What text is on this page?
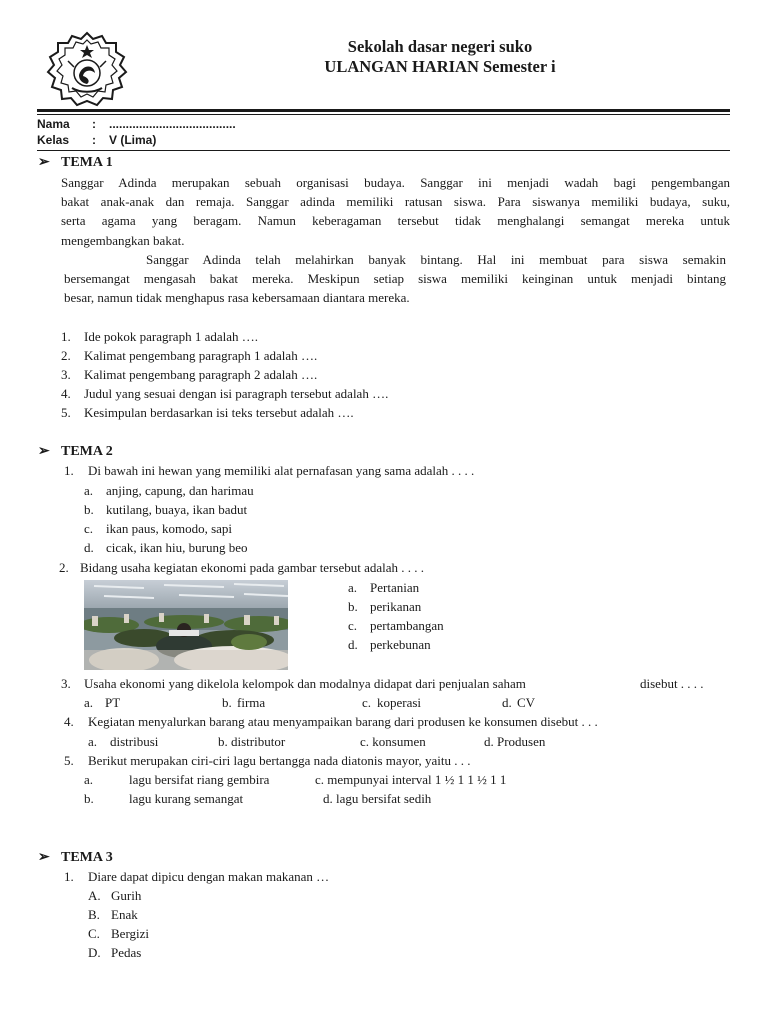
Sekolah dasar negeri suko
ULANGAN HARIAN Semester i
Nama : ......................................
Kelas : V (Lima)
➢ TEMA 1
Sanggar Adinda merupakan sebuah organisasi budaya. Sanggar ini menjadi wadah bagi pengembangan
bakat anak-anak dan remaja. Sanggar adinda memiliki ratusan siswa. Para siswanya memiliki budaya, suku,
serta agama yang beragam. Namun keberagaman tersebut tidak menghalangi semangat mereka untuk
mengembangkan bakat.
Sanggar Adinda telah melahirkan banyak bintang. Hal ini membuat para siswa semakin
bersemangat mengasah bakat mereka. Meskipun setiap siswa memiliki keinginan untuk menjadi bintang
besar, namun tidak menghapus rasa kebersamaan diantara mereka.
1. Ide pokok paragraph 1 adalah ….
2. Kalimat pengembang paragraph 1 adalah ….
3. Kalimat pengembang paragraph 2 adalah ….
4. Judul yang sesuai dengan isi paragraph tersebut adalah ….
5. Kesimpulan berdasarkan isi teks tersebut adalah ….
➢ TEMA 2
1. Di bawah ini hewan yang memiliki alat pernafasan yang sama adalah . . . .
a. anjing, capung, dan harimau
b. kutilang, buaya, ikan badut
c. ikan paus, komodo, sapi
d. cicak, ikan hiu, burung beo
2. Bidang usaha kegiatan ekonomi pada gambar tersebut adalah . . . .
a. Pertanian
b. perikanan
c. pertambangan
d. perkebunan
3. Usaha ekonomi yang dikelola kelompok dan modalnya didapat dari penjualan saham	disebut . . . .
a. PT	b. firma	c. koperasi	d. CV
4. Kegiatan menyalurkan barang atau menyampaikan barang dari produsen ke konsumen disebut . . .
a. distribusi	b. distributor	c. konsumen	d. Produsen
5. Berikut merupakan ciri-ciri lagu bertangga nada diatonis mayor, yaitu . . .
a.	lagu bersifat riang gembira	c. mempunyai interval 1 ½ 1 1 ½ 1 1
b.	lagu kurang semangat	d. lagu bersifat sedih
➢ TEMA 3
1. Diare dapat dipicu dengan makan makanan …
A. Gurih
B. Enak
C. Bergizi
D. Pedas
